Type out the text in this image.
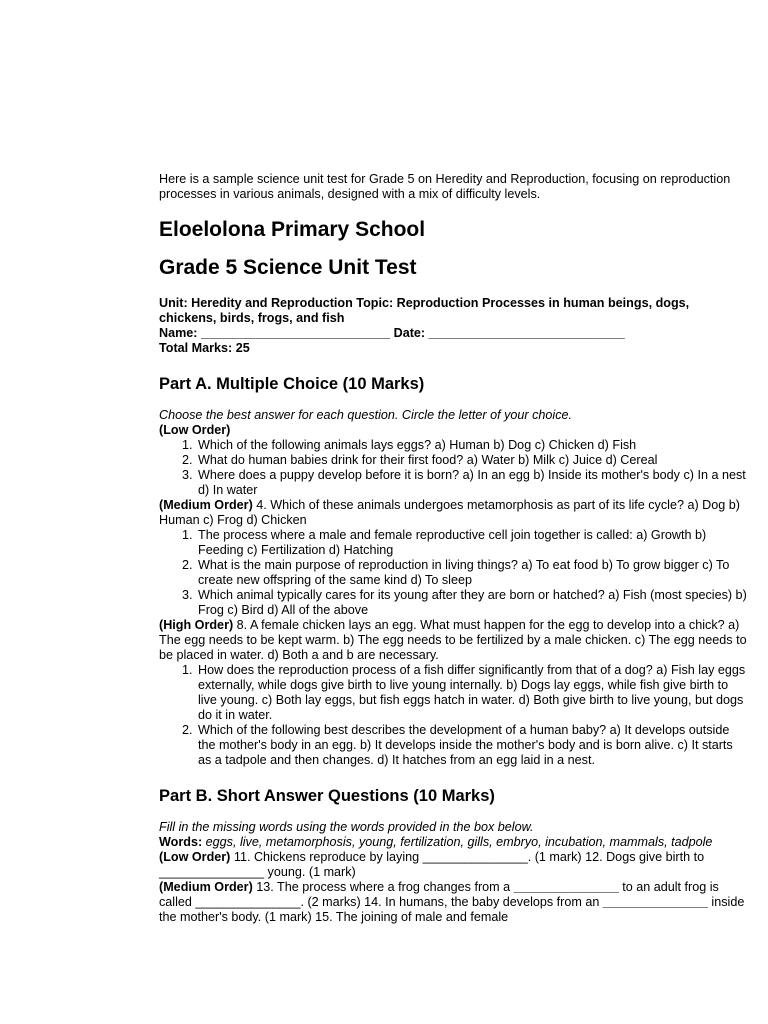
Here is a sample science unit test for Grade 5 on Heredity and Reproduction, focusing on reproduction processes in various animals, designed with a mix of difficulty levels.

Eloelolona Primary School
Grade 5 Science Unit Test
Unit: Heredity and Reproduction Topic: Reproduction Processes in human beings, dogs, chickens, birds, frogs, and fish
Name: ___________________________ Date: ____________________________
Total Marks: 25
Part A. Multiple Choice (10 Marks)
Choose the best answer for each question. Circle the letter of your choice.
(Low Order)
1. Which of the following animals lays eggs? a) Human b) Dog c) Chicken d) Fish
2. What do human babies drink for their first food? a) Water b) Milk c) Juice d) Cereal
3. Where does a puppy develop before it is born? a) In an egg b) Inside its mother's body c) In a nest d) In water
(Medium Order) 4. Which of these animals undergoes metamorphosis as part of its life cycle? a) Dog b) Human c) Frog d) Chicken
1. The process where a male and female reproductive cell join together is called: a) Growth b) Feeding c) Fertilization d) Hatching
2. What is the main purpose of reproduction in living things? a) To eat food b) To grow bigger c) To create new offspring of the same kind d) To sleep
3. Which animal typically cares for its young after they are born or hatched? a) Fish (most species) b) Frog c) Bird d) All of the above
(High Order) 8. A female chicken lays an egg. What must happen for the egg to develop into a chick? a) The egg needs to be kept warm. b) The egg needs to be fertilized by a male chicken. c) The egg needs to be placed in water. d) Both a and b are necessary.
1. How does the reproduction process of a fish differ significantly from that of a dog? a) Fish lay eggs externally, while dogs give birth to live young internally. b) Dogs lay eggs, while fish give birth to live young. c) Both lay eggs, but fish eggs hatch in water. d) Both give birth to live young, but dogs do it in water.
2. Which of the following best describes the development of a human baby? a) It develops outside the mother's body in an egg. b) It develops inside the mother's body and is born alive. c) It starts as a tadpole and then changes. d) It hatches from an egg laid in a nest.
Part B. Short Answer Questions (10 Marks)
Fill in the missing words using the words provided in the box below.
Words: eggs, live, metamorphosis, young, fertilization, gills, embryo, incubation, mammals, tadpole
(Low Order) 11. Chickens reproduce by laying _______________. (1 mark) 12. Dogs give birth to _______________ young. (1 mark)
(Medium Order) 13. The process where a frog changes from a _______________ to an adult frog is called _______________. (2 marks) 14. In humans, the baby develops from an _______________ inside the mother's body. (1 mark) 15. The joining of male and female
